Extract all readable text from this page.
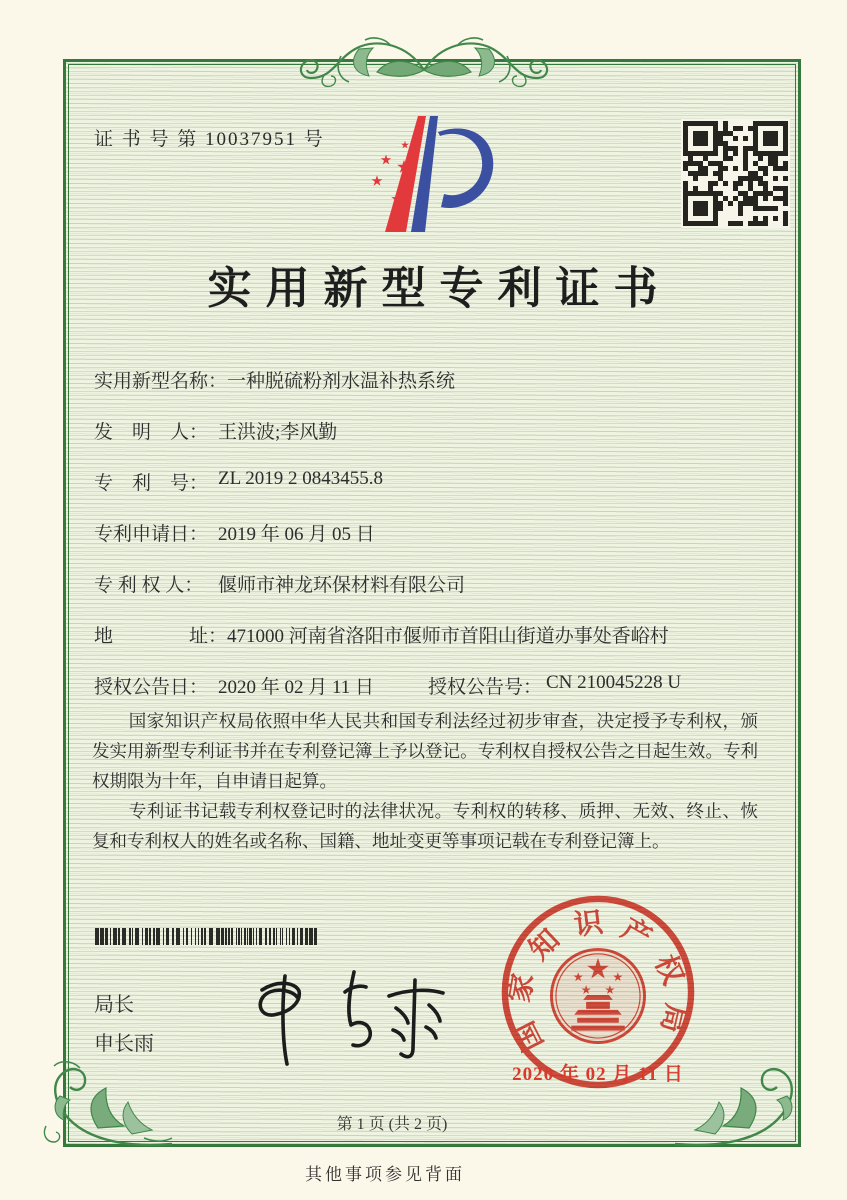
证 书 号 第 10037951 号
实用新型专利证书
实用新型名称： 一种脱硫粉剂水温补热系统
发　明　人： 王洪波;李风勤
专　利　号： ZL 2019 2 0843455.8
专利申请日： 2019 年 06 月 05 日
专 利 权 人： 偃师市神龙环保材料有限公司
地　　　　址： 471000 河南省洛阳市偃师市首阳山街道办事处香峪村
授权公告日： 2020 年 02 月 11 日	授权公告号： CN 210045228 U

国家知识产权局依照中华人民共和国专利法经过初步审查，决定授予专利权，颁发实用新型专利证书并在专利登记簿上予以登记。专利权自授权公告之日起生效。专利权期限为十年，自申请日起算。

专利证书记载专利权登记时的法律状况。专利权的转移、质押、无效、终止、恢复和专利权人的姓名或名称、国籍、地址变更等事项记载在专利登记簿上。

局长
申长雨	国
家
知 识 产
权
局
2020 年 02 月 11 日
第 1 页 (共 2 页)
其他事项参见背面
